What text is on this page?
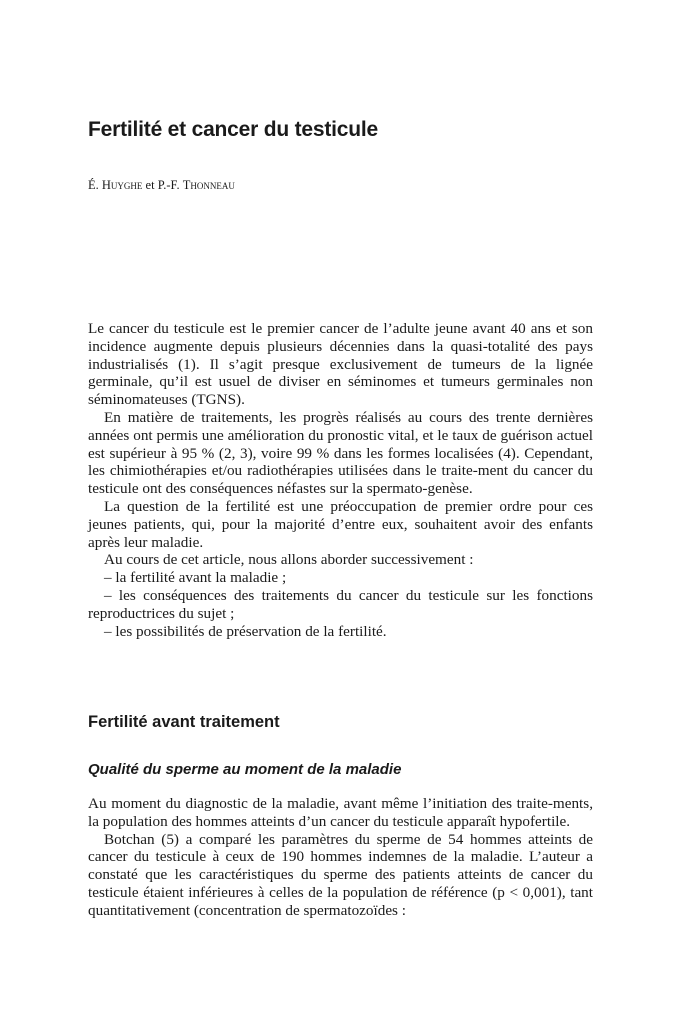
Fertilité et cancer du testicule
É. Huyghe et P.-F. Thonneau

Le cancer du testicule est le premier cancer de l’adulte jeune avant 40 ans et son incidence augmente depuis plusieurs décennies dans la quasi-totalité des pays industrialisés (1). Il s’agit presque exclusivement de tumeurs de la lignée germinale, qu’il est usuel de diviser en séminomes et tumeurs germinales non séminomateuses (TGNS).

En matière de traitements, les progrès réalisés au cours des trente dernières années ont permis une amélioration du pronostic vital, et le taux de guérison actuel est supérieur à 95 % (2, 3), voire 99 % dans les formes localisées (4). Cependant, les chimiothérapies et/ou radiothérapies utilisées dans le traite-ment du cancer du testicule ont des conséquences néfastes sur la spermato-genèse.

La question de la fertilité est une préoccupation de premier ordre pour ces jeunes patients, qui, pour la majorité d’entre eux, souhaitent avoir des enfants après leur maladie.

Au cours de cet article, nous allons aborder successivement :

– la fertilité avant la maladie ;

– les conséquences des traitements du cancer du testicule sur les fonctions reproductrices du sujet ;

– les possibilités de préservation de la fertilité.

Fertilité avant traitement
Qualité du sperme au moment de la maladie

Au moment du diagnostic de la maladie, avant même l’initiation des traite-ments, la population des hommes atteints d’un cancer du testicule apparaît hypofertile.

Botchan (5) a comparé les paramètres du sperme de 54 hommes atteints de cancer du testicule à ceux de 190 hommes indemnes de la maladie. L’auteur a constaté que les caractéristiques du sperme des patients atteints de cancer du testicule étaient inférieures à celles de la population de référence (p < 0,001), tant quantitativement (concentration de spermatozoïdes :
